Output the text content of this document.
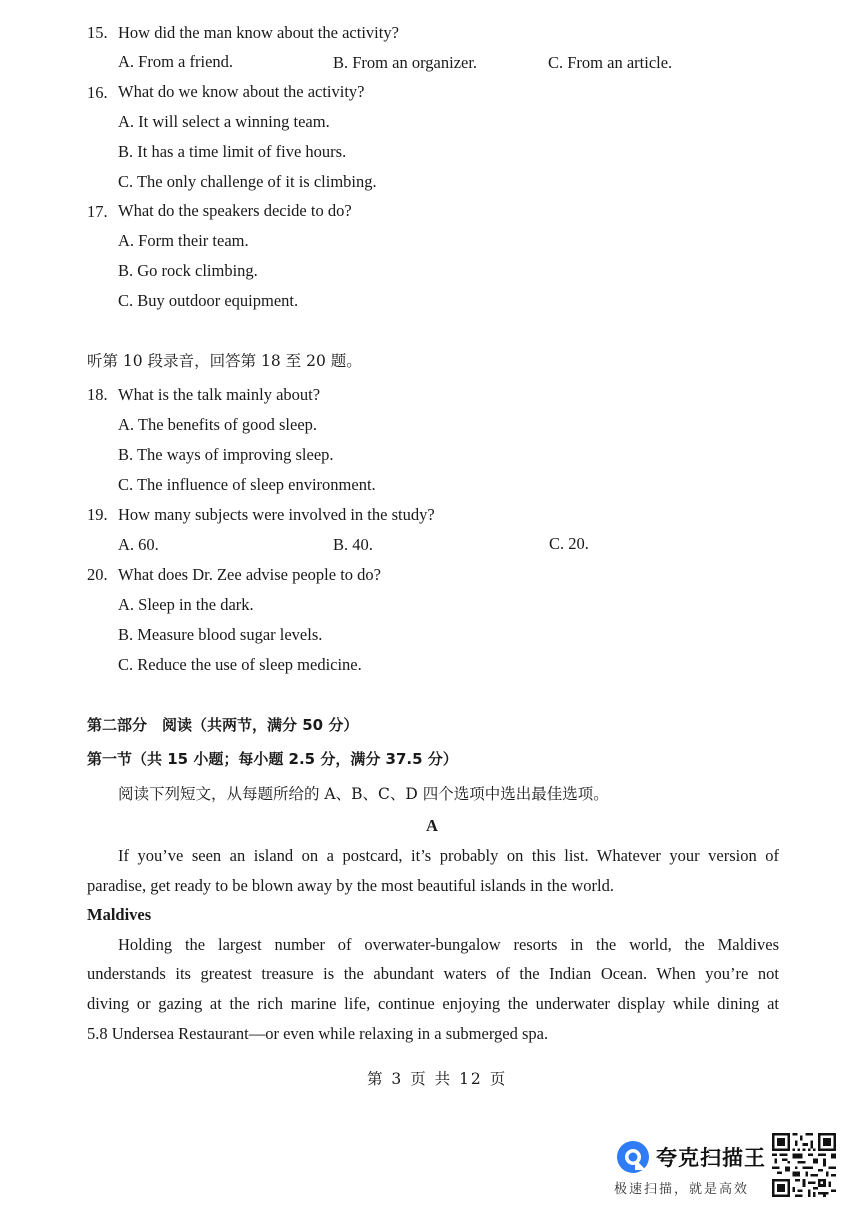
15. How did the man know about the activity?
A. From a friend.	B. From an organizer.	C. From an article.
16. What do we know about the activity?
A. It will select a winning team.
B. It has a time limit of five hours.
C. The only challenge of it is climbing.
17. What do the speakers decide to do?
A. Form their team.
B. Go rock climbing.
C. Buy outdoor equipment.
听第 10 段录音，回答第 18 至 20 题。
18. What is the talk mainly about?
A. The benefits of good sleep.
B. The ways of improving sleep.
C. The influence of sleep environment.
19. How many subjects were involved in the study?
A. 60.	B. 40.	C. 20.
20. What does Dr. Zee advise people to do?
A. Sleep in the dark.
B. Measure blood sugar levels.
C. Reduce the use of sleep medicine.
第二部分　阅读（共两节，满分 50 分）
第一节（共 15 小题；每小题 2.5 分，满分 37.5 分）
阅读下列短文，从每题所给的 A、B、C、D 四个选项中选出最佳选项。
A
If you’ve seen an island on a postcard, it’s probably on this list. Whatever your version of
paradise, get ready to be blown away by the most beautiful islands in the world.
Maldives
Holding the largest number of overwater-bungalow resorts in the world, the Maldives
understands its greatest treasure is the abundant waters of the Indian Ocean. When you’re not
diving or gazing at the rich marine life, continue enjoying the underwater display while dining at
5.8 Undersea Restaurant—or even while relaxing in a submerged spa.
第 3 页 共 12 页
夸克扫描王
极速扫描，就是高效
